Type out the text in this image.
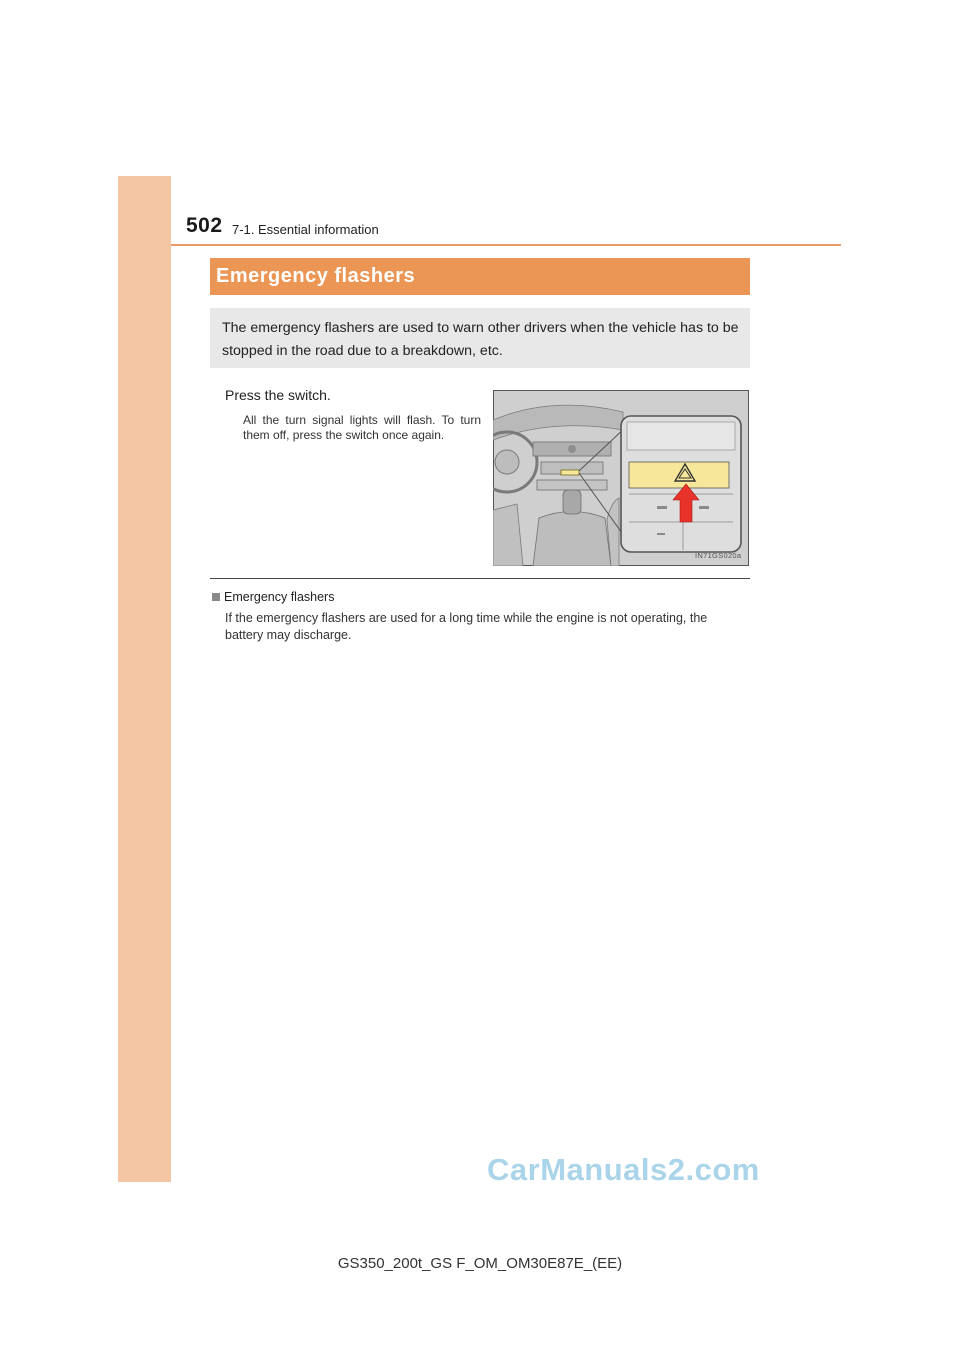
502 7-1. Essential information
Emergency flashers
The emergency flashers are used to warn other drivers when the vehicle has to be stopped in the road due to a breakdown, etc.
Press the switch.
All the turn signal lights will flash. To turn them off, press the switch once again.
IN71GS020a
Emergency flashers
If the emergency flashers are used for a long time while the engine is not operating, the battery may discharge.
CarManuals2.com
GS350_200t_GS F_OM_OM30E87E_(EE)
